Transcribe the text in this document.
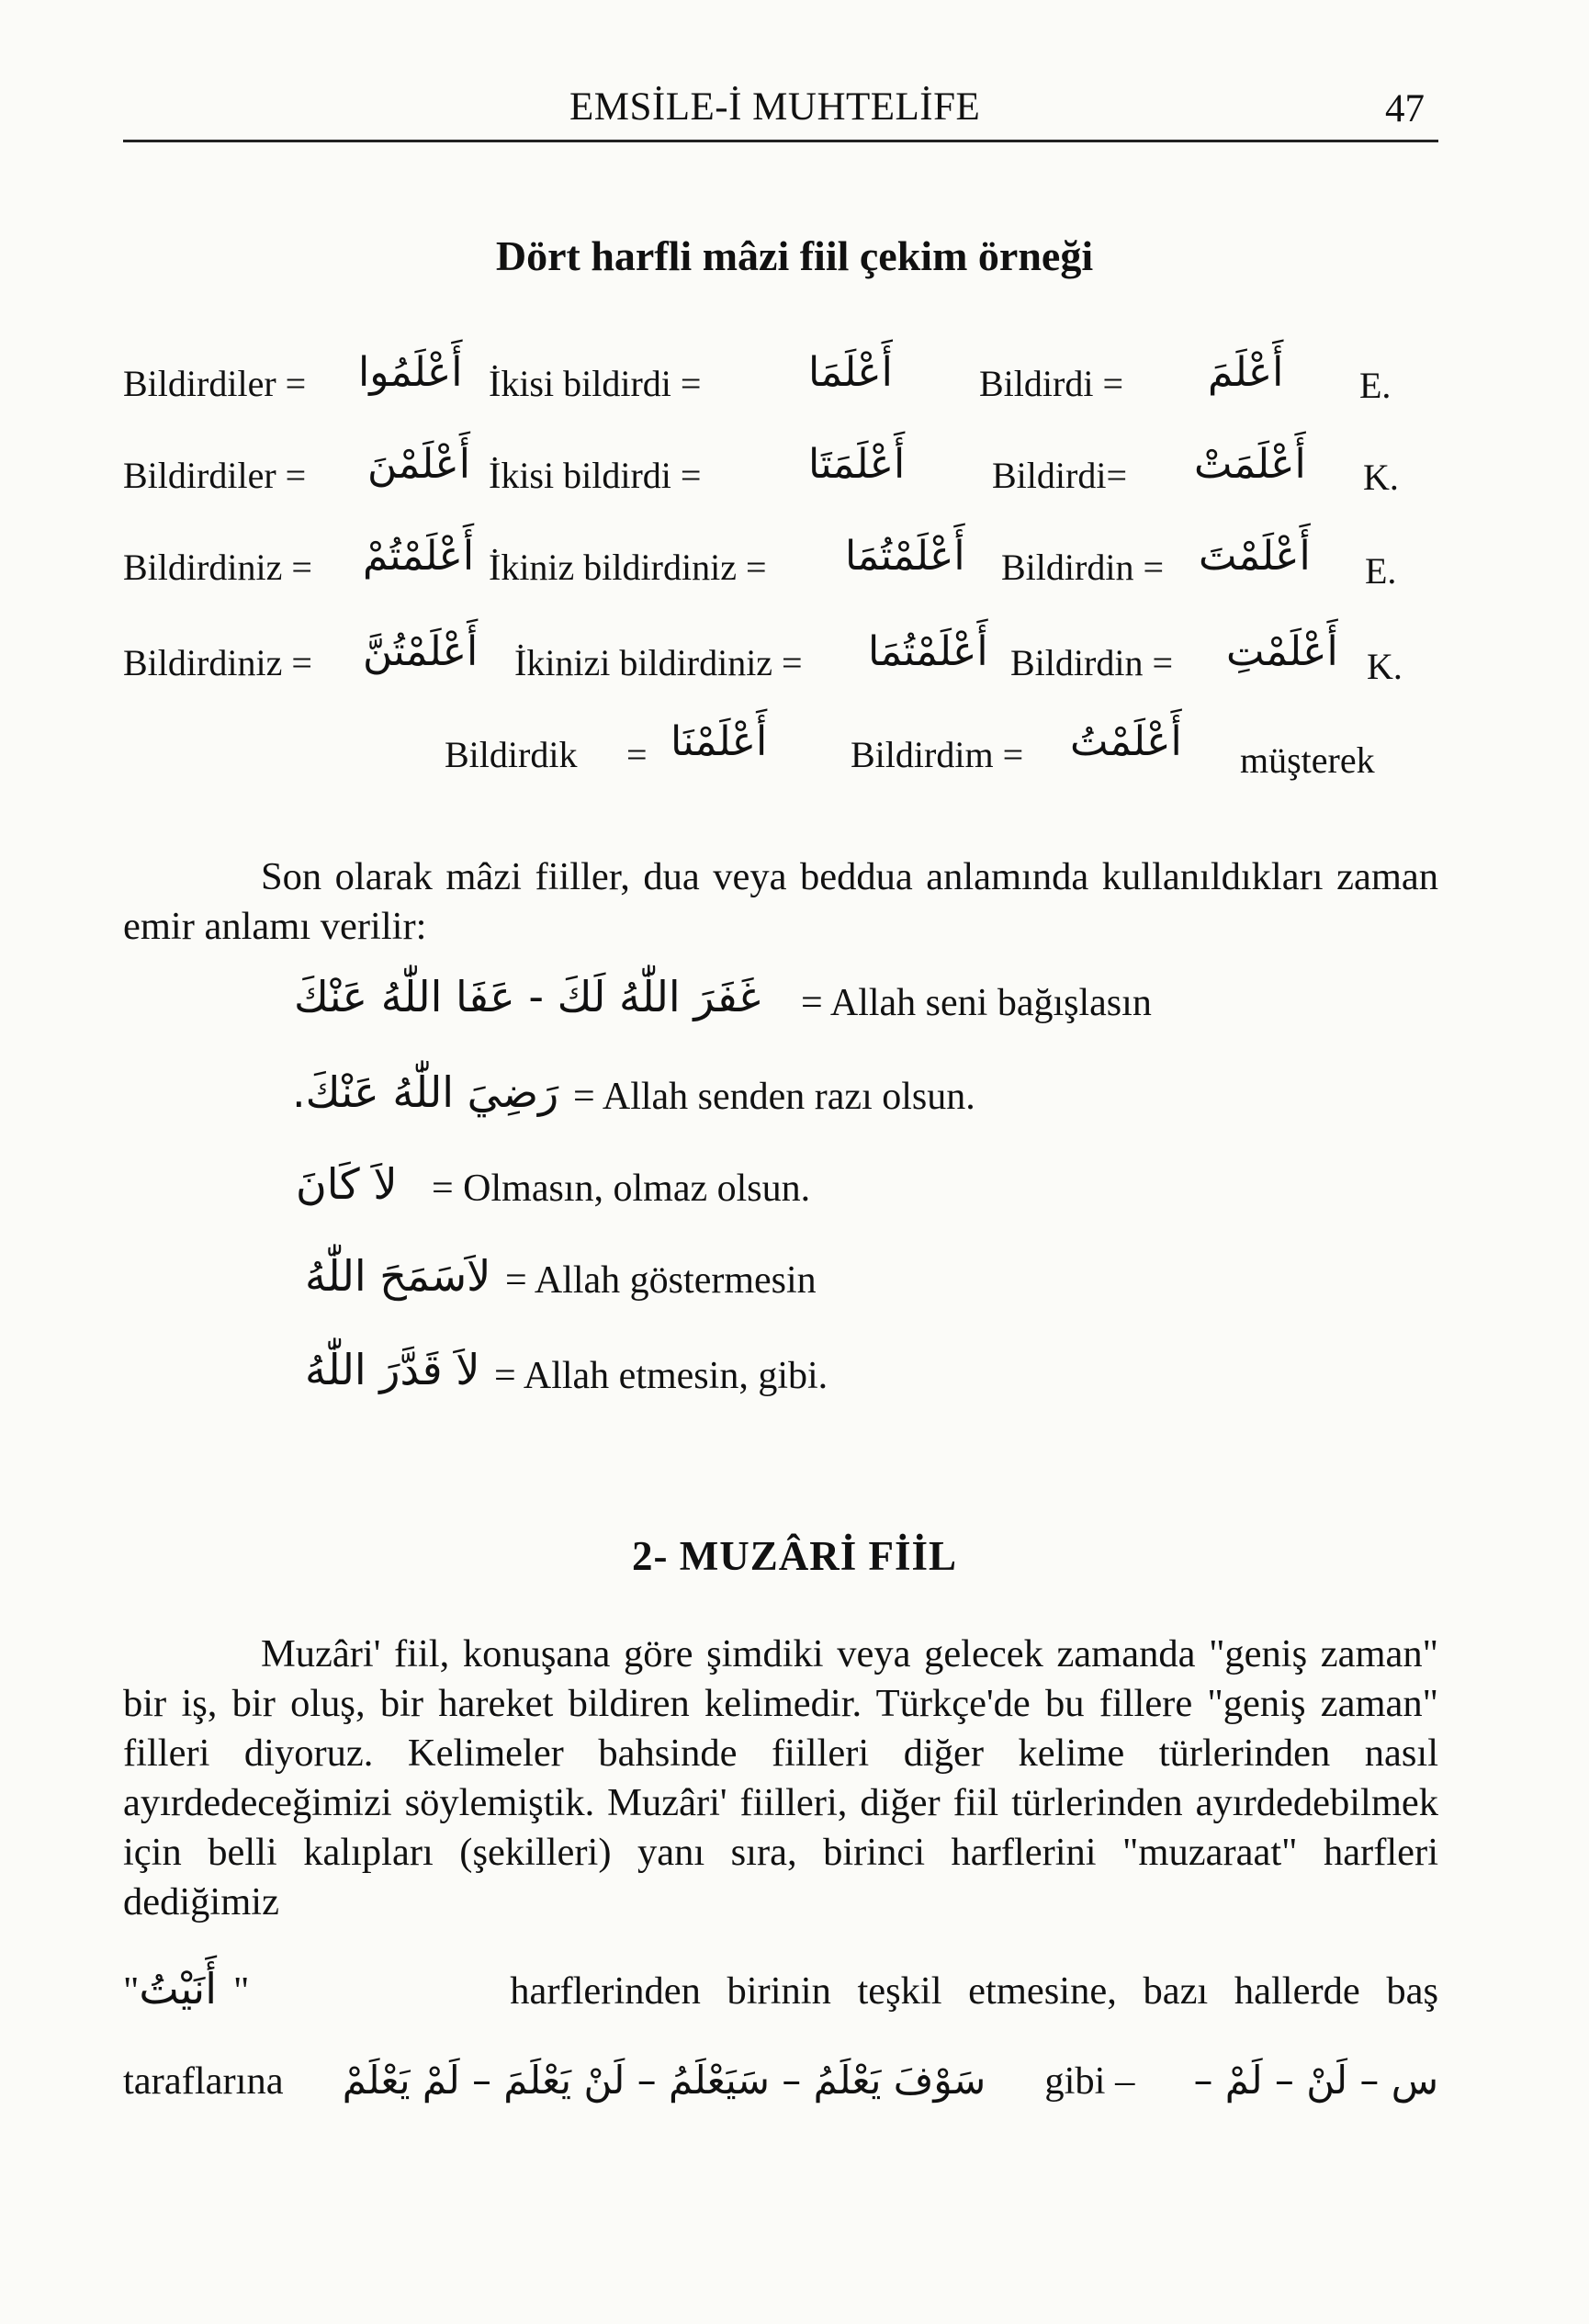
EMSİLE-İ MUHTELİFE	47
Dört harfli mâzi fiil çekim örneği
Bildirdiler = أَعْلَمُوا İkisi bildirdi =	أَعْلَمَا Bildirdi = أَعْلَمَ E.
Bildirdiler = أَعْلَمْنَ İkisi bildirdi =	أَعْلَمَتَا Bildirdi= أَعْلَمَتْ K.
Bildirdiniz = أَعْلَمْتُمْ İkiniz bildirdiniz = أَعْلَمْتُمَا Bildirdin = أَعْلَمْتَ E.
Bildirdiniz = أَعْلَمْتُنَّ İkinizi bildirdiniz = أَعْلَمْتُمَا Bildirdin = أَعْلَمْتِ K.
Bildirdik = أَعْلَمْنَا Bildirdim = أَعْلَمْتُ müşterek

Son olarak mâzi fiiller, dua veya beddua anlamında kullanıldıkları zaman emir anlamı verilir:

غَفَرَ اللّٰهُ لَكَ - عَفَا اللّٰهُ عَنْكَ = Allah seni bağışlasın
رَضِيَ اللّٰهُ عَنْكَ. = Allah senden razı olsun.
لاَ كَانَ = Olmasın, olmaz olsun.
لاَسَمَحَ اللّٰهُ = Allah göstermesin
لاَ قَدَّرَ اللّٰهُ = Allah etmesin, gibi.
2- MUZÂRİ FİİL

Muzâri' fiil, konuşana göre şimdiki veya gelecek zamanda "geniş zaman" bir iş, bir oluş, bir hareket bildiren kelimedir. Türkçe'de bu fillere "geniş zaman" filleri diyoruz. Kelimeler bahsinde fiilleri diğer kelime türlerinden nasıl ayırdedeceğimizi söylemiştik. Muzâri' fiilleri, diğer fiil türlerinden ayırdedebilmek için belli kalıpları (şekilleri) yanı sıra, birinci harflerini "muzaraat" harfleri dediğimiz

"أَنَيْتُ "	harflerinden birinin teşkil etmesine, bazı hallerde baş
taraflarına سَوْفَ يَعْلَمُ – سَيَعْلَمُ – لَنْ يَعْلَمَ – لَمْ يَعْلَمْ gibi – س – لَنْ – لَمْ –
